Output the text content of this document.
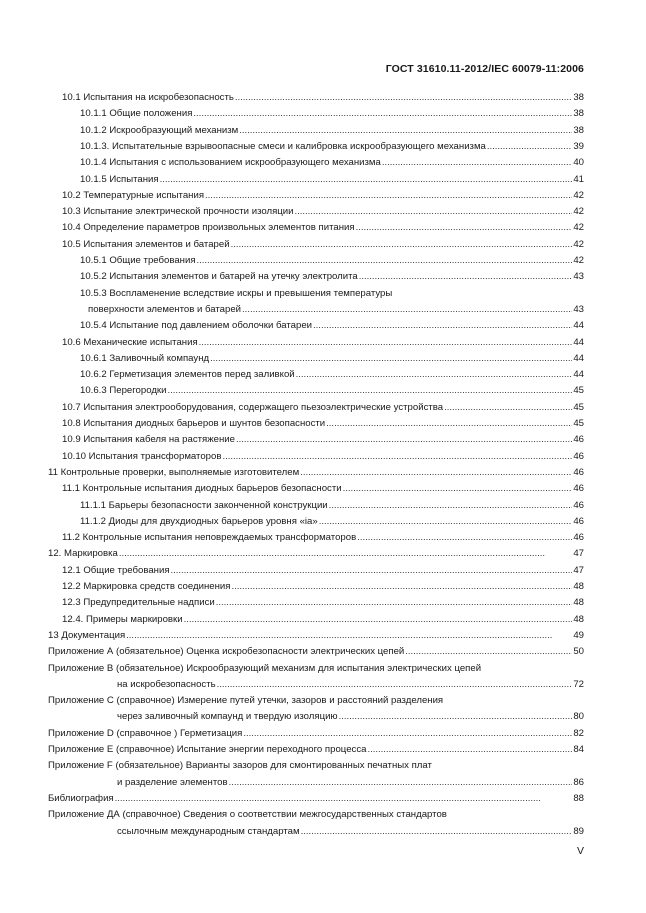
ГОСТ 31610.11-2012/IEC 60079-11:2006
10.1 Испытания на искробезопасность . . .	38
10.1.1 Общие положения . . .	38
10.1.2 Искрообразующий механизм . . .	38
10.1.3. Испытательные взрывоопасные смеси и калибровка искрообразующего механизма . . .	39
10.1.4 Испытания с использованием искрообразующего механизма . . .	40
10.1.5 Испытания . . .	41
10.2 Температурные испытания . . .	42
10.3 Испытание электрической прочности изоляции . . .	42
10.4 Определение параметров произвольных элементов питания . . .	42
10.5 Испытания элементов и батарей . . .	42
10.5.1 Общие требования . . .	42
10.5.2 Испытания элементов и батарей на утечку электролита . . .	43
10.5.3 Воспламенение вследствие искры и превышения температуры
поверхности элементов и батарей . . .	43
10.5.4 Испытание под давлением оболочки батареи . . .	44
10.6 Механические испытания . . .	44
10.6.1 Заливочный компаунд . . .	44
10.6.2 Герметизация элементов перед заливкой . . .	44
10.6.3 Перегородки . . .	45
10.7 Испытания электрооборудования, содержащего пьезоэлектрические устройства . . .	45
10.8 Испытания диодных барьеров и шунтов безопасности . . .	45
10.9 Испытания кабеля на растяжение . . .	46
10.10 Испытания трансформаторов . . .	46
11 Контрольные проверки, выполняемые изготовителем . . .	46
11.1 Контрольные испытания диодных барьеров безопасности . . .	46
11.1.1 Барьеры безопасности законченной конструкции . . .	46
11.1.2 Диоды для двухдиодных барьеров уровня «ia» . . .	46
11.2 Контрольные испытания неповреждаемых трансформаторов . . .	46
12. Маркировка . . .	47
12.1 Общие требования . . .	47
12.2 Маркировка средств соединения . . .	48
12.3 Предупредительные надписи . . .	48
12.4. Примеры маркировки . . .	48
13 Документация . . .	49
Приложение А (обязательное) Оценка искробезопасности электрических цепей . . .	50
Приложение В (обязательное) Искрообразующий механизм для испытания электрических цепей
на искробезопасность . . .	72
Приложение С (справочное) Измерение путей утечки, зазоров и расстояний разделения
через заливочный компаунд и твердую изоляцию . . .	80
Приложение D (справочное ) Герметизация . . .	82
Приложение Е (справочное) Испытание энергии переходного процесса . . .	84
Приложение F (обязательное) Варианты зазоров для смонтированных печатных плат
и разделение элементов . . .	86
Библиография . . .	88
Приложение ДА (справочное) Сведения о соответствии межгосударственных стандартов
ссылочным международным стандартам . . .	89
V
